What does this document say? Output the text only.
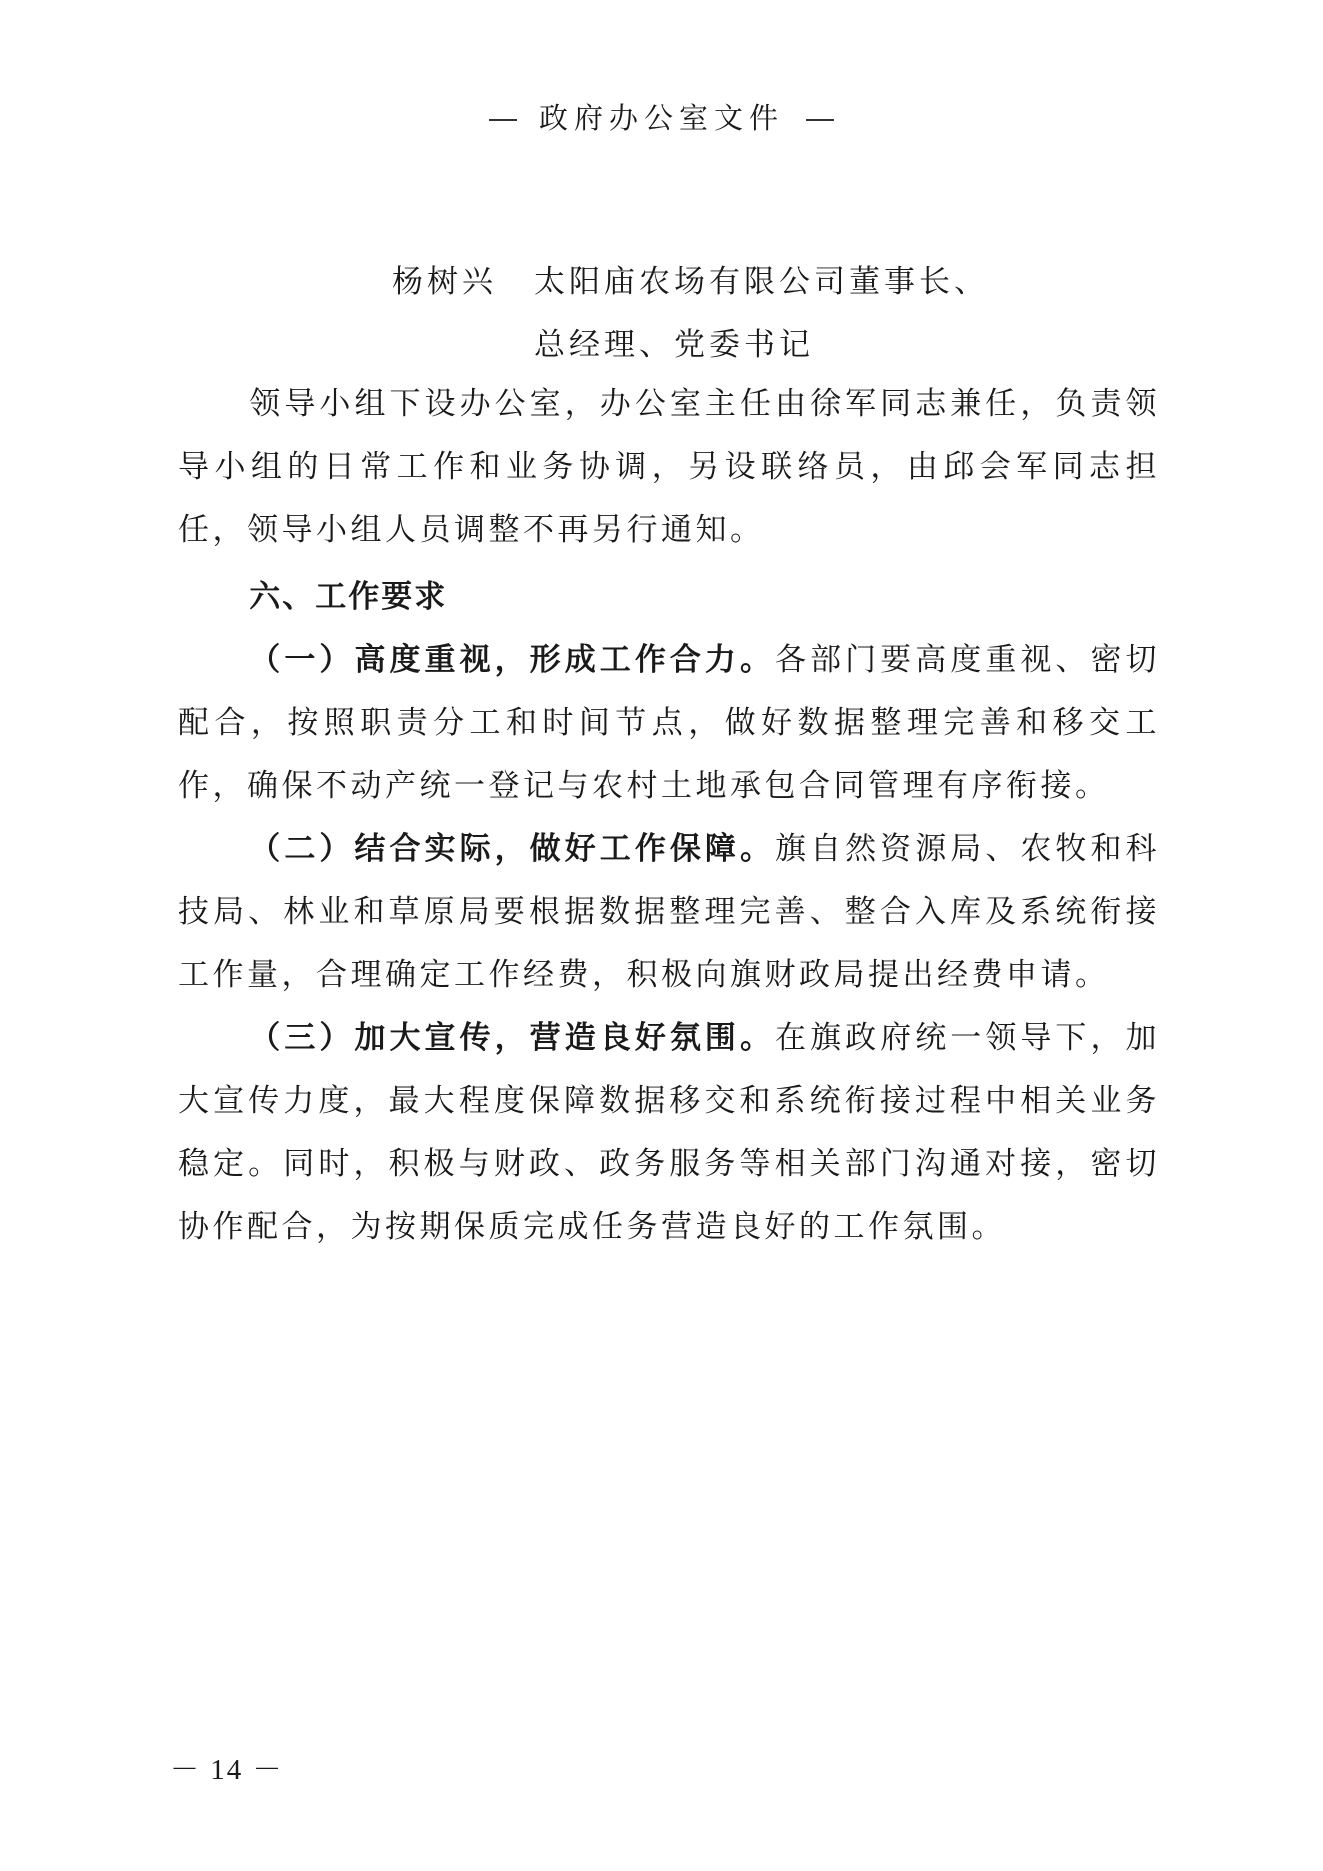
政府办公室文件
杨树兴 太阳庙农场有限公司董事长、
总经理、党委书记

领导小组下设办公室，办公室主任由徐军同志兼任，负责领导小组的日常工作和业务协调，另设联络员，由邱会军同志担任，领导小组人员调整不再另行通知。

六、工作要求

（一）高度重视，形成工作合力。各部门要高度重视、密切配合，按照职责分工和时间节点，做好数据整理完善和移交工作，确保不动产统一登记与农村土地承包合同管理有序衔接。

（二）结合实际，做好工作保障。旗自然资源局、农牧和科技局、林业和草原局要根据数据整理完善、整合入库及系统衔接工作量，合理确定工作经费，积极向旗财政局提出经费申请。

（三）加大宣传，营造良好氛围。在旗政府统一领导下，加大宣传力度，最大程度保障数据移交和系统衔接过程中相关业务稳定。同时，积极与财政、政务服务等相关部门沟通对接，密切协作配合，为按期保质完成任务营造良好的工作氛围。

－ 14 －
